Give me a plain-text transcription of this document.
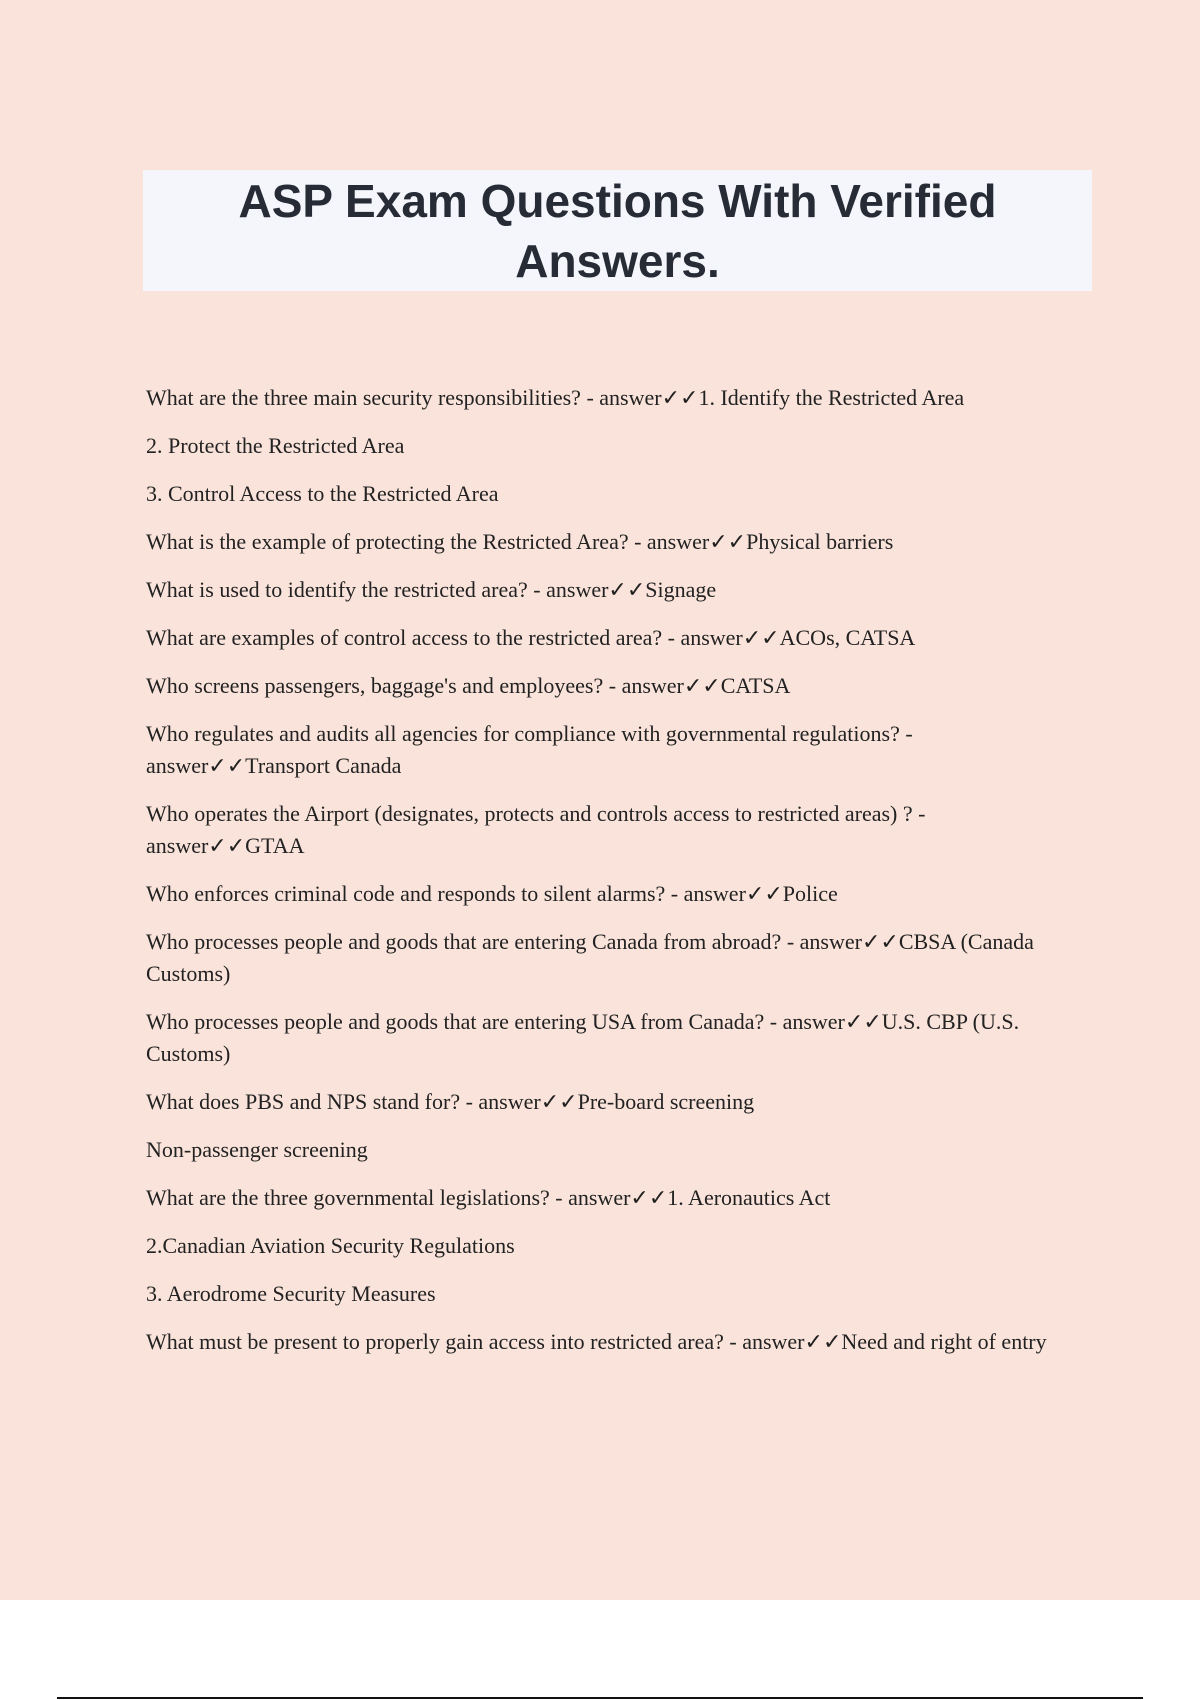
ASP Exam Questions With Verified Answers.

What are the three main security responsibilities? - answer✓✓1. Identify the Restricted Area

2. Protect the Restricted Area

3. Control Access to the Restricted Area

What is the example of protecting the Restricted Area? - answer✓✓Physical barriers

What is used to identify the restricted area? - answer✓✓Signage

What are examples of control access to the restricted area? - answer✓✓ACOs, CATSA

Who screens passengers, baggage's and employees? - answer✓✓CATSA

Who regulates and audits all agencies for compliance with governmental regulations? - answer✓✓Transport Canada

Who operates the Airport (designates, protects and controls access to restricted areas) ? - answer✓✓GTAA

Who enforces criminal code and responds to silent alarms? - answer✓✓Police

Who processes people and goods that are entering Canada from abroad? - answer✓✓CBSA (Canada Customs)

Who processes people and goods that are entering USA from Canada? - answer✓✓U.S. CBP (U.S. Customs)

What does PBS and NPS stand for? - answer✓✓Pre-board screening

Non-passenger screening

What are the three governmental legislations? - answer✓✓1. Aeronautics Act

2.Canadian Aviation Security Regulations

3. Aerodrome Security Measures

What must be present to properly gain access into restricted area? - answer✓✓Need and right of entry
